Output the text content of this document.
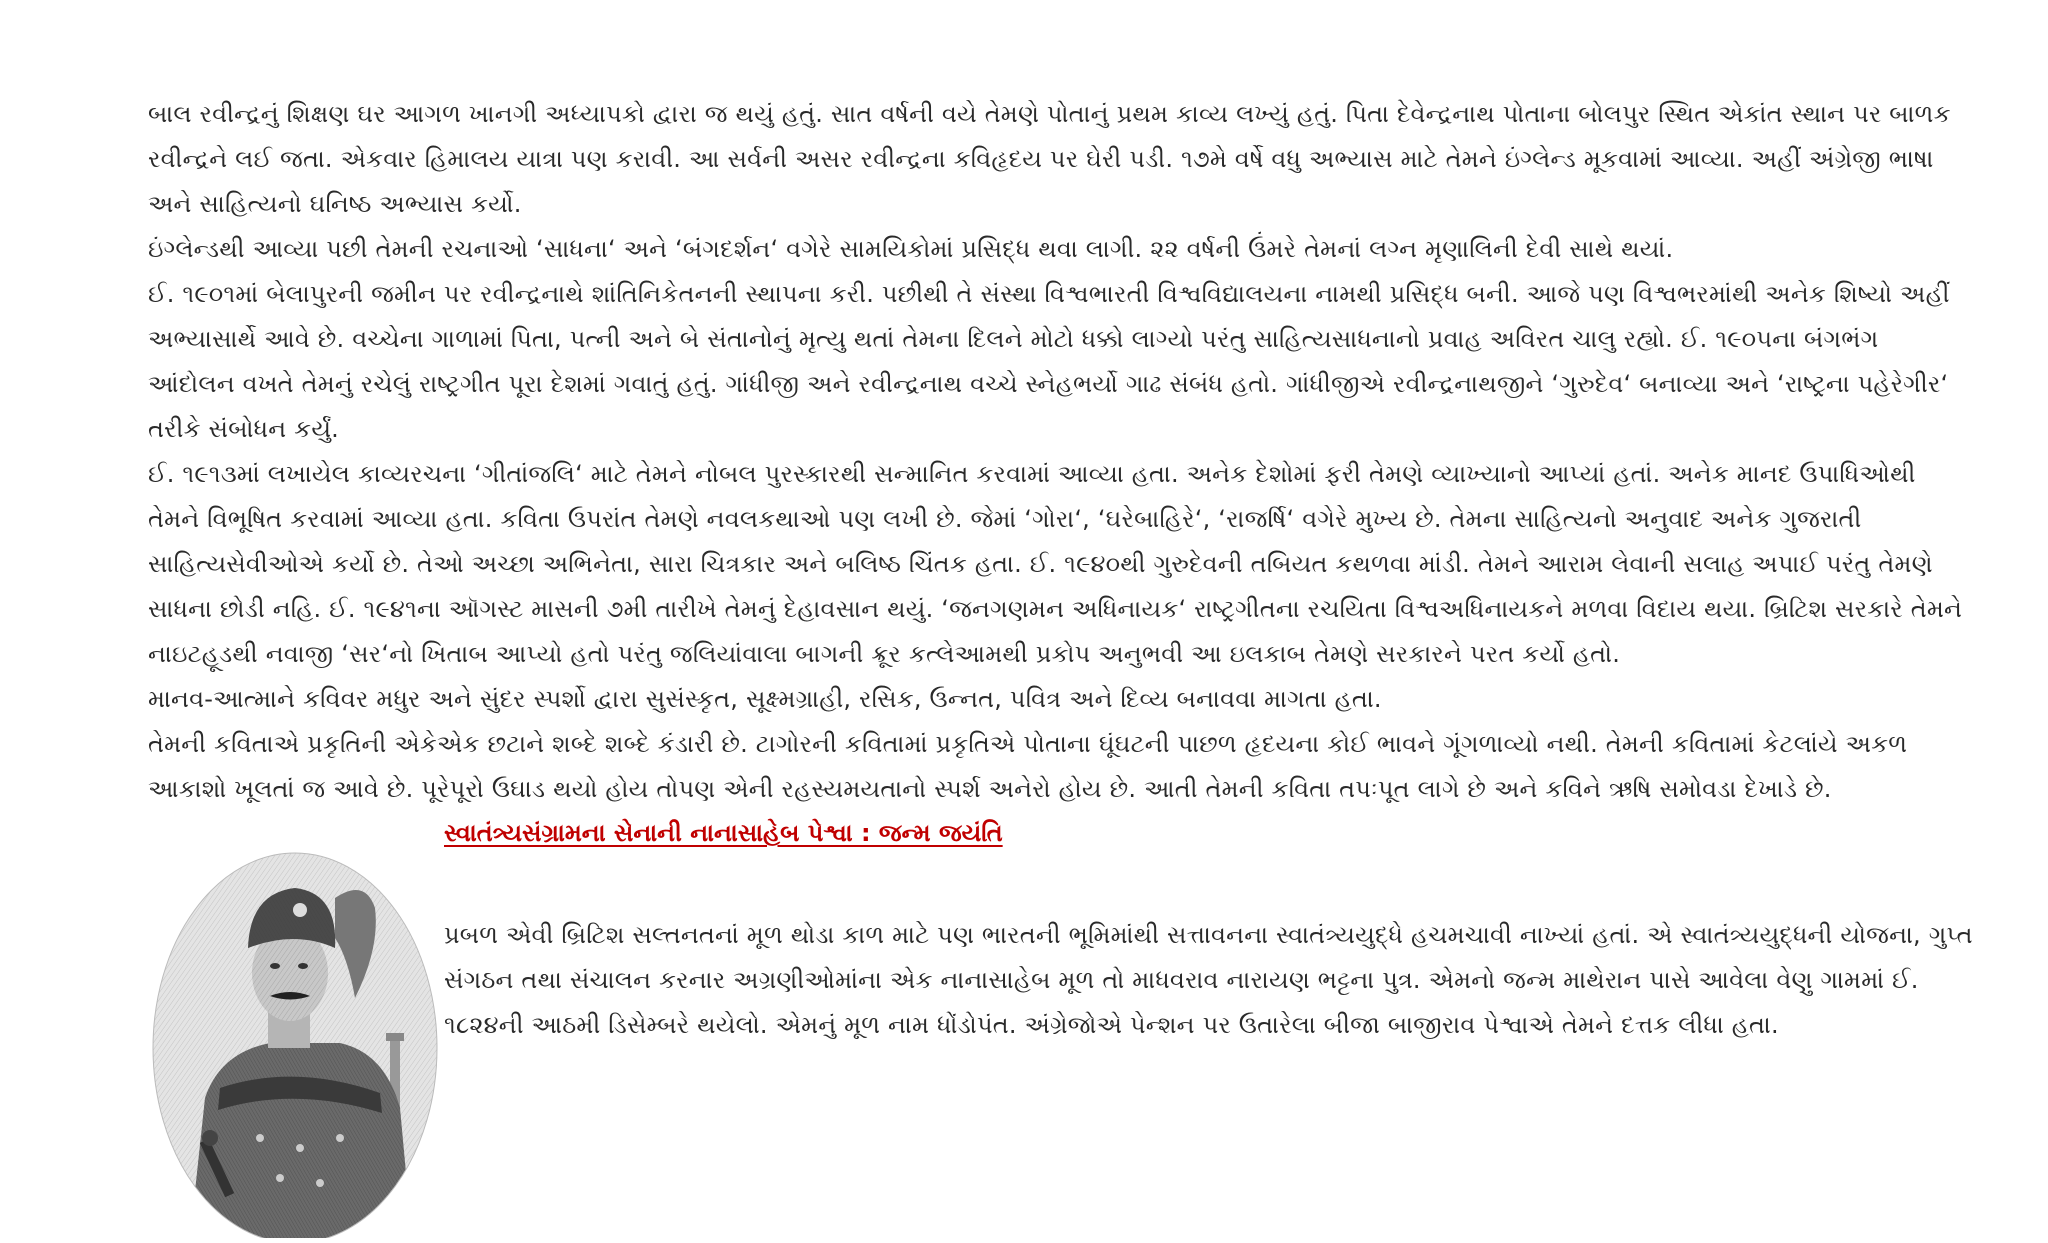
બાલ રવીન્દ્રનું શિક્ષણ ઘર આગળ ખાનગી અધ્યાપકો દ્વારા જ થયું હતું. સાત વર્ષની વયે તેમણે પોતાનું પ્રથમ કાવ્ય લખ્યું હતું. પિતા દેવેન્દ્રનાથ પોતાના બોલપુર સ્થિત એકાંત સ્થાન પર બાળક રવીન્દ્રને લઈ જતા. એકવાર હિમાલય યાત્રા પણ કરાવી. આ સર્વની અસર રવીન્દ્રના કવિહૃદય પર ઘેરી પડી. ૧૭મે વર્ષે વધુ અભ્યાસ માટે તેમને ઇંગ્લેન્ડ મૂકવામાં આવ્યા. અહીં અંગ્રેજી ભાષા અને સાહિત્યનો ઘનિષ્ઠ અભ્યાસ કર્યો.

ઇંગ્લેન્ડથી આવ્યા પછી તેમની રચનાઓ ‘સાધના‘ અને ‘બંગદર્શન‘ વગેરે સામયિકોમાં પ્રસિદ્ધ થવા લાગી. ૨૨ વર્ષની ઉંમરે તેમનાં લગ્ન મૃણાલિની દેવી સાથે થયાં.

ઈ. ૧૯૦૧માં બેલાપુરની જમીન પર રવીન્દ્રનાથે શાંતિનિકેતનની સ્થાપના કરી. પછીથી તે સંસ્થા વિશ્વભારતી વિશ્વવિદ્યાલયના નામથી પ્રસિદ્ધ બની. આજે પણ વિશ્વભરમાંથી અનેક શિષ્યો અહીં અભ્યાસાર્થે આવે છે. વચ્ચેના ગાળામાં પિતા, પત્ની અને બે સંતાનોનું મૃત્યુ થતાં તેમના દિલને મોટો ધક્કો લાગ્યો પરંતુ સાહિત્યસાધનાનો પ્રવાહ અવિરત ચાલુ રહ્યો. ઈ. ૧૯૦૫ના બંગભંગ આંદોલન વખતે તેમનું રચેલું રાષ્ટ્રગીત પૂરા દેશમાં ગવાતું હતું. ગાંધીજી અને રવીન્દ્રનાથ વચ્ચે સ્નેહભર્યો ગાઢ સંબંધ હતો. ગાંધીજીએ રવીન્દ્રનાથજીને ‘ગુરુદેવ‘ બનાવ્યા અને ‘રાષ્ટ્રના પહેરેગીર‘ તરીકે સંબોધન કર્યું.

ઈ. ૧૯૧૩માં લખાયેલ કાવ્યરચના ‘ગીતાંજલિ‘ માટે તેમને નોબલ પુરસ્કારથી સન્માનિત કરવામાં આવ્યા હતા. અનેક દેશોમાં ફરી તેમણે વ્યાખ્યાનો આપ્યાં હતાં. અનેક માનદ ઉપાધિઓથી તેમને વિભૂષિત કરવામાં આવ્યા હતા. કવિતા ઉપરાંત તેમણે નવલકથાઓ પણ લખી છે. જેમાં ‘ગોરા‘, ‘ઘરેબાહિરે‘, ‘રાજર્ષિ‘ વગેરે મુખ્ય છે. તેમના સાહિત્યનો અનુવાદ અનેક ગુજરાતી સાહિત્યસેવીઓએ કર્યો છે. તેઓ અચ્છા અભિનેતા, સારા ચિત્રકાર અને બલિષ્ઠ ચિંતક હતા. ઈ. ૧૯૪૦થી ગુરુદેવની તબિયત કથળવા માંડી. તેમને આરામ લેવાની સલાહ અપાઈ પરંતુ તેમણે સાધના છોડી નહિ. ઈ. ૧૯૪૧ના ઑગસ્ટ માસની ૭મી તારીખે તેમનું દેહાવસાન થયું. ‘જનગણમન અધિનાયક‘ રાષ્ટ્રગીતના રચયિતા વિશ્વઅધિનાયકને મળવા વિદાય થયા. બ્રિટિશ સરકારે તેમને નાઇટહૂડથી નવાજી ‘સર‘નો ખિતાબ આપ્યો હતો પરંતુ જલિયાંવાલા બાગની ક્રૂર કત્લેઆમથી પ્રકોપ અનુભવી આ ઇલકાબ તેમણે સરકારને પરત કર્યો હતો.

માનવ-આત્માને કવિવર મધુર અને સુંદર સ્પર્શો દ્વારા સુસંસ્કૃત, સૂક્ષ્મગ્રાહી, રસિક, ઉન્નત, પવિત્ર અને દિવ્ય બનાવવા માગતા હતા.

તેમની કવિતાએ પ્રકૃતિની એકેએક છટાને શબ્દે શબ્દે કંડારી છે. ટાગોરની કવિતામાં પ્રકૃતિએ પોતાના ઘૂંઘટની પાછળ હૃદયના કોઈ ભાવને ગૂંગળાવ્યો નથી. તેમની કવિતામાં કેટલાંયે અકળ આકાશો ખૂલતાં જ આવે છે. પૂરેપૂરો ઉઘાડ થયો હોય તોપણ એની રહસ્યમયતાનો સ્પર્શ અનેરો હોય છે. આતી તેમની કવિતા તપઃપૂત લાગે છે અને કવિને ઋષિ સમોવડા દેખાડે છે.

સ્વાતંત્ર્યસંગ્રામના સેનાની નાનાસાહેબ પેશ્વા : જન્મ જયંતિ

પ્રબળ એવી બ્રિટિશ સલ્તનતનાં મૂળ થોડા કાળ માટે પણ ભારતની ભૂમિમાંથી સત્તાવનના સ્વાતંત્ર્યયુદ્ધે હચમચાવી નાખ્યાં હતાં. એ સ્વાતંત્ર્યયુદ્ધની યોજના, ગુપ્ત સંગઠન તથા સંચાલન કરનાર અગ્રણીઓમાંના એક નાનાસાહેબ મૂળ તો માધવરાવ નારાયણ ભટ્ટના પુત્ર. એમનો જન્મ માથેરાન પાસે આવેલા વેણુ ગામમાં ઈ. ૧૮૨૪ની આઠમી ડિસેમ્બરે થયેલો. એમનું મૂળ નામ ધોંડોપંત. અંગ્રેજોએ પેન્શન પર ઉતારેલા બીજા બાજીરાવ પેશ્વાએ તેમને દત્તક લીધા હતા.
